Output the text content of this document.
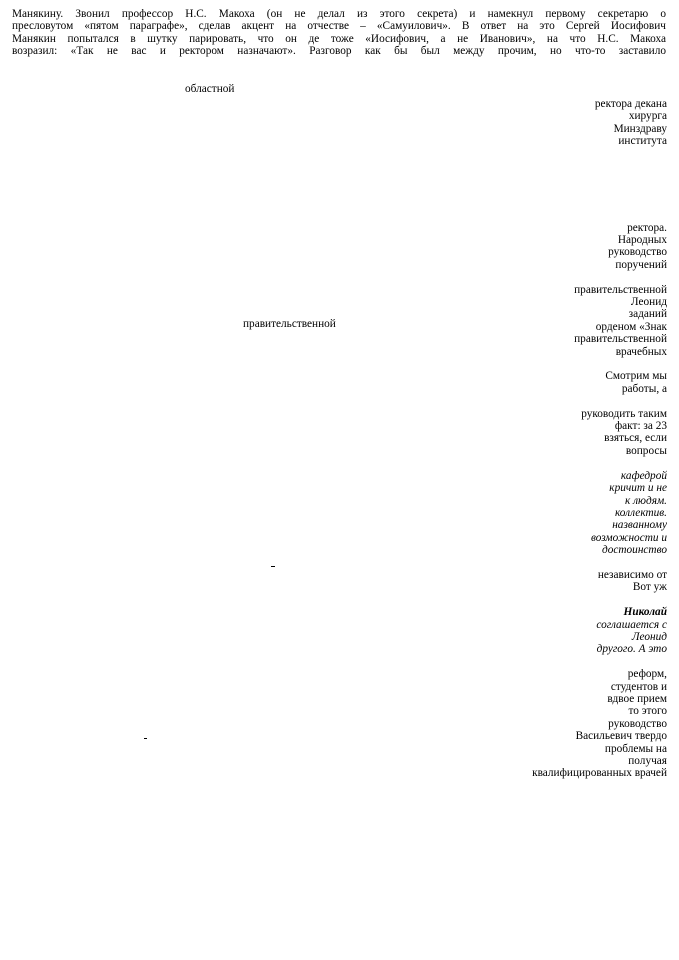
Манякину. Звонил профессор Н.С. Макоха (он не делал из этого секрета) и намекнул первому секретарю о
пресловутом «пятом параграфе», сделав акцент на отчестве – «Самуилович». В ответ на это Сергей Иосифович
Манякин попытался в шутку парировать, что он де тоже «Иосифович, а не Иванович», на что Н.С. Макоха
возразил: «Так не вас и ректором назначают». Разговор как бы был между прочим, но что-то заставило
областной
правительственной
ректора декана
хирурга
Минздраву
института
ректора.
Народных
руководство
поручений
правительственной
Леонид
заданий
орденом «Знак
правительственной
врачебных
Смотрим мы
работы, а
руководить таким
факт: за 23
взяться, если
вопросы
кафедрой
кричит и не
к людям.
коллектив.
названному
возможности и
достоинство
независимо от
Вот уж
Николай
соглашается с
Леонид
другого. А это
реформ,
студентов и
вдвое прием
то этого
руководство
Васильевич твердо
проблемы на
получая
квалифицированных врачей
